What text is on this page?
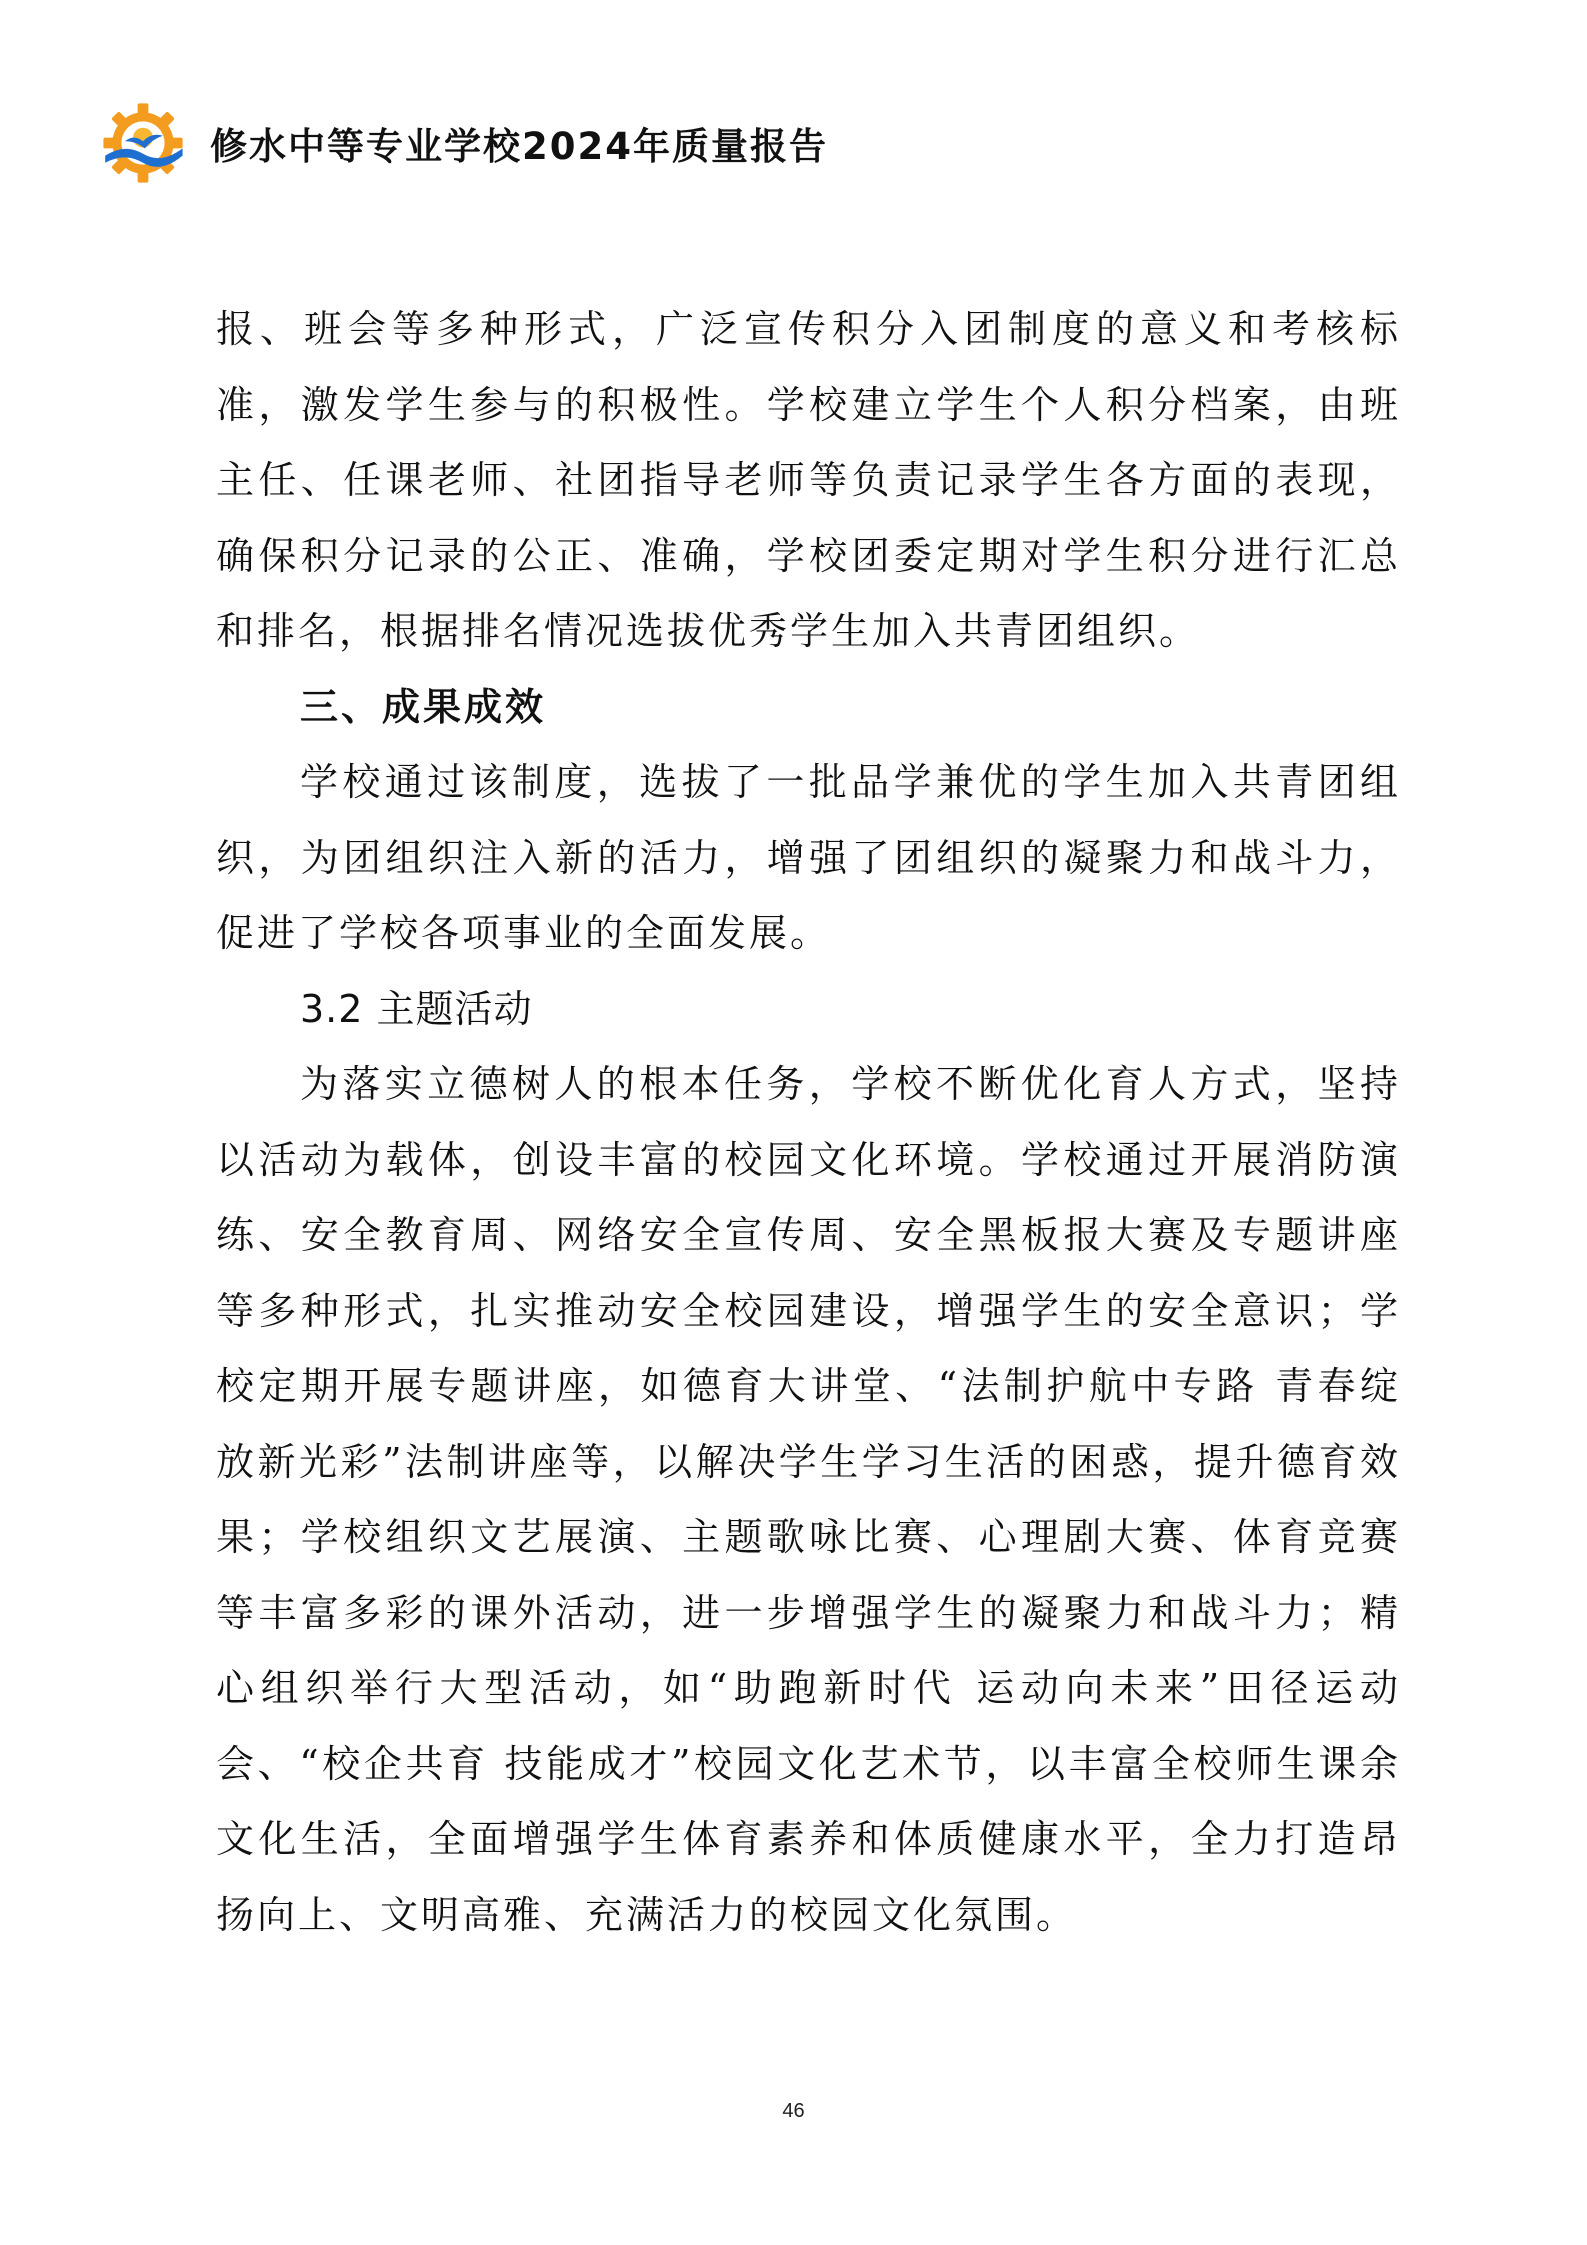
修水中等专业学校2024年质量报告

报、班会等多种形式，广泛宣传积分入团制度的意义和考核标准，激发学生参与的积极性。学校建立学生个人积分档案，由班主任、任课老师、社团指导老师等负责记录学生各方面的表现，确保积分记录的公正、准确，学校团委定期对学生积分进行汇总和排名，根据排名情况选拔优秀学生加入共青团组织。

三、成果成效

学校通过该制度，选拔了一批品学兼优的学生加入共青团组织，为团组织注入新的活力，增强了团组织的凝聚力和战斗力，促进了学校各项事业的全面发展。

3.2 主题活动

为落实立德树人的根本任务，学校不断优化育人方式，坚持以活动为载体，创设丰富的校园文化环境。学校通过开展消防演练、安全教育周、网络安全宣传周、安全黑板报大赛及专题讲座等多种形式，扎实推动安全校园建设，增强学生的安全意识；学校定期开展专题讲座，如德育大讲堂、“法制护航中专路 青春绽放新光彩”法制讲座等，以解决学生学习生活的困惑，提升德育效果；学校组织文艺展演、主题歌咏比赛、心理剧大赛、体育竞赛等丰富多彩的课外活动，进一步增强学生的凝聚力和战斗力；精心组织举行大型活动，如“助跑新时代 运动向未来”田径运动会、“校企共育 技能成才”校园文化艺术节，以丰富全校师生课余文化生活，全面增强学生体育素养和体质健康水平，全力打造昂扬向上、文明高雅、充满活力的校园文化氛围。

46
